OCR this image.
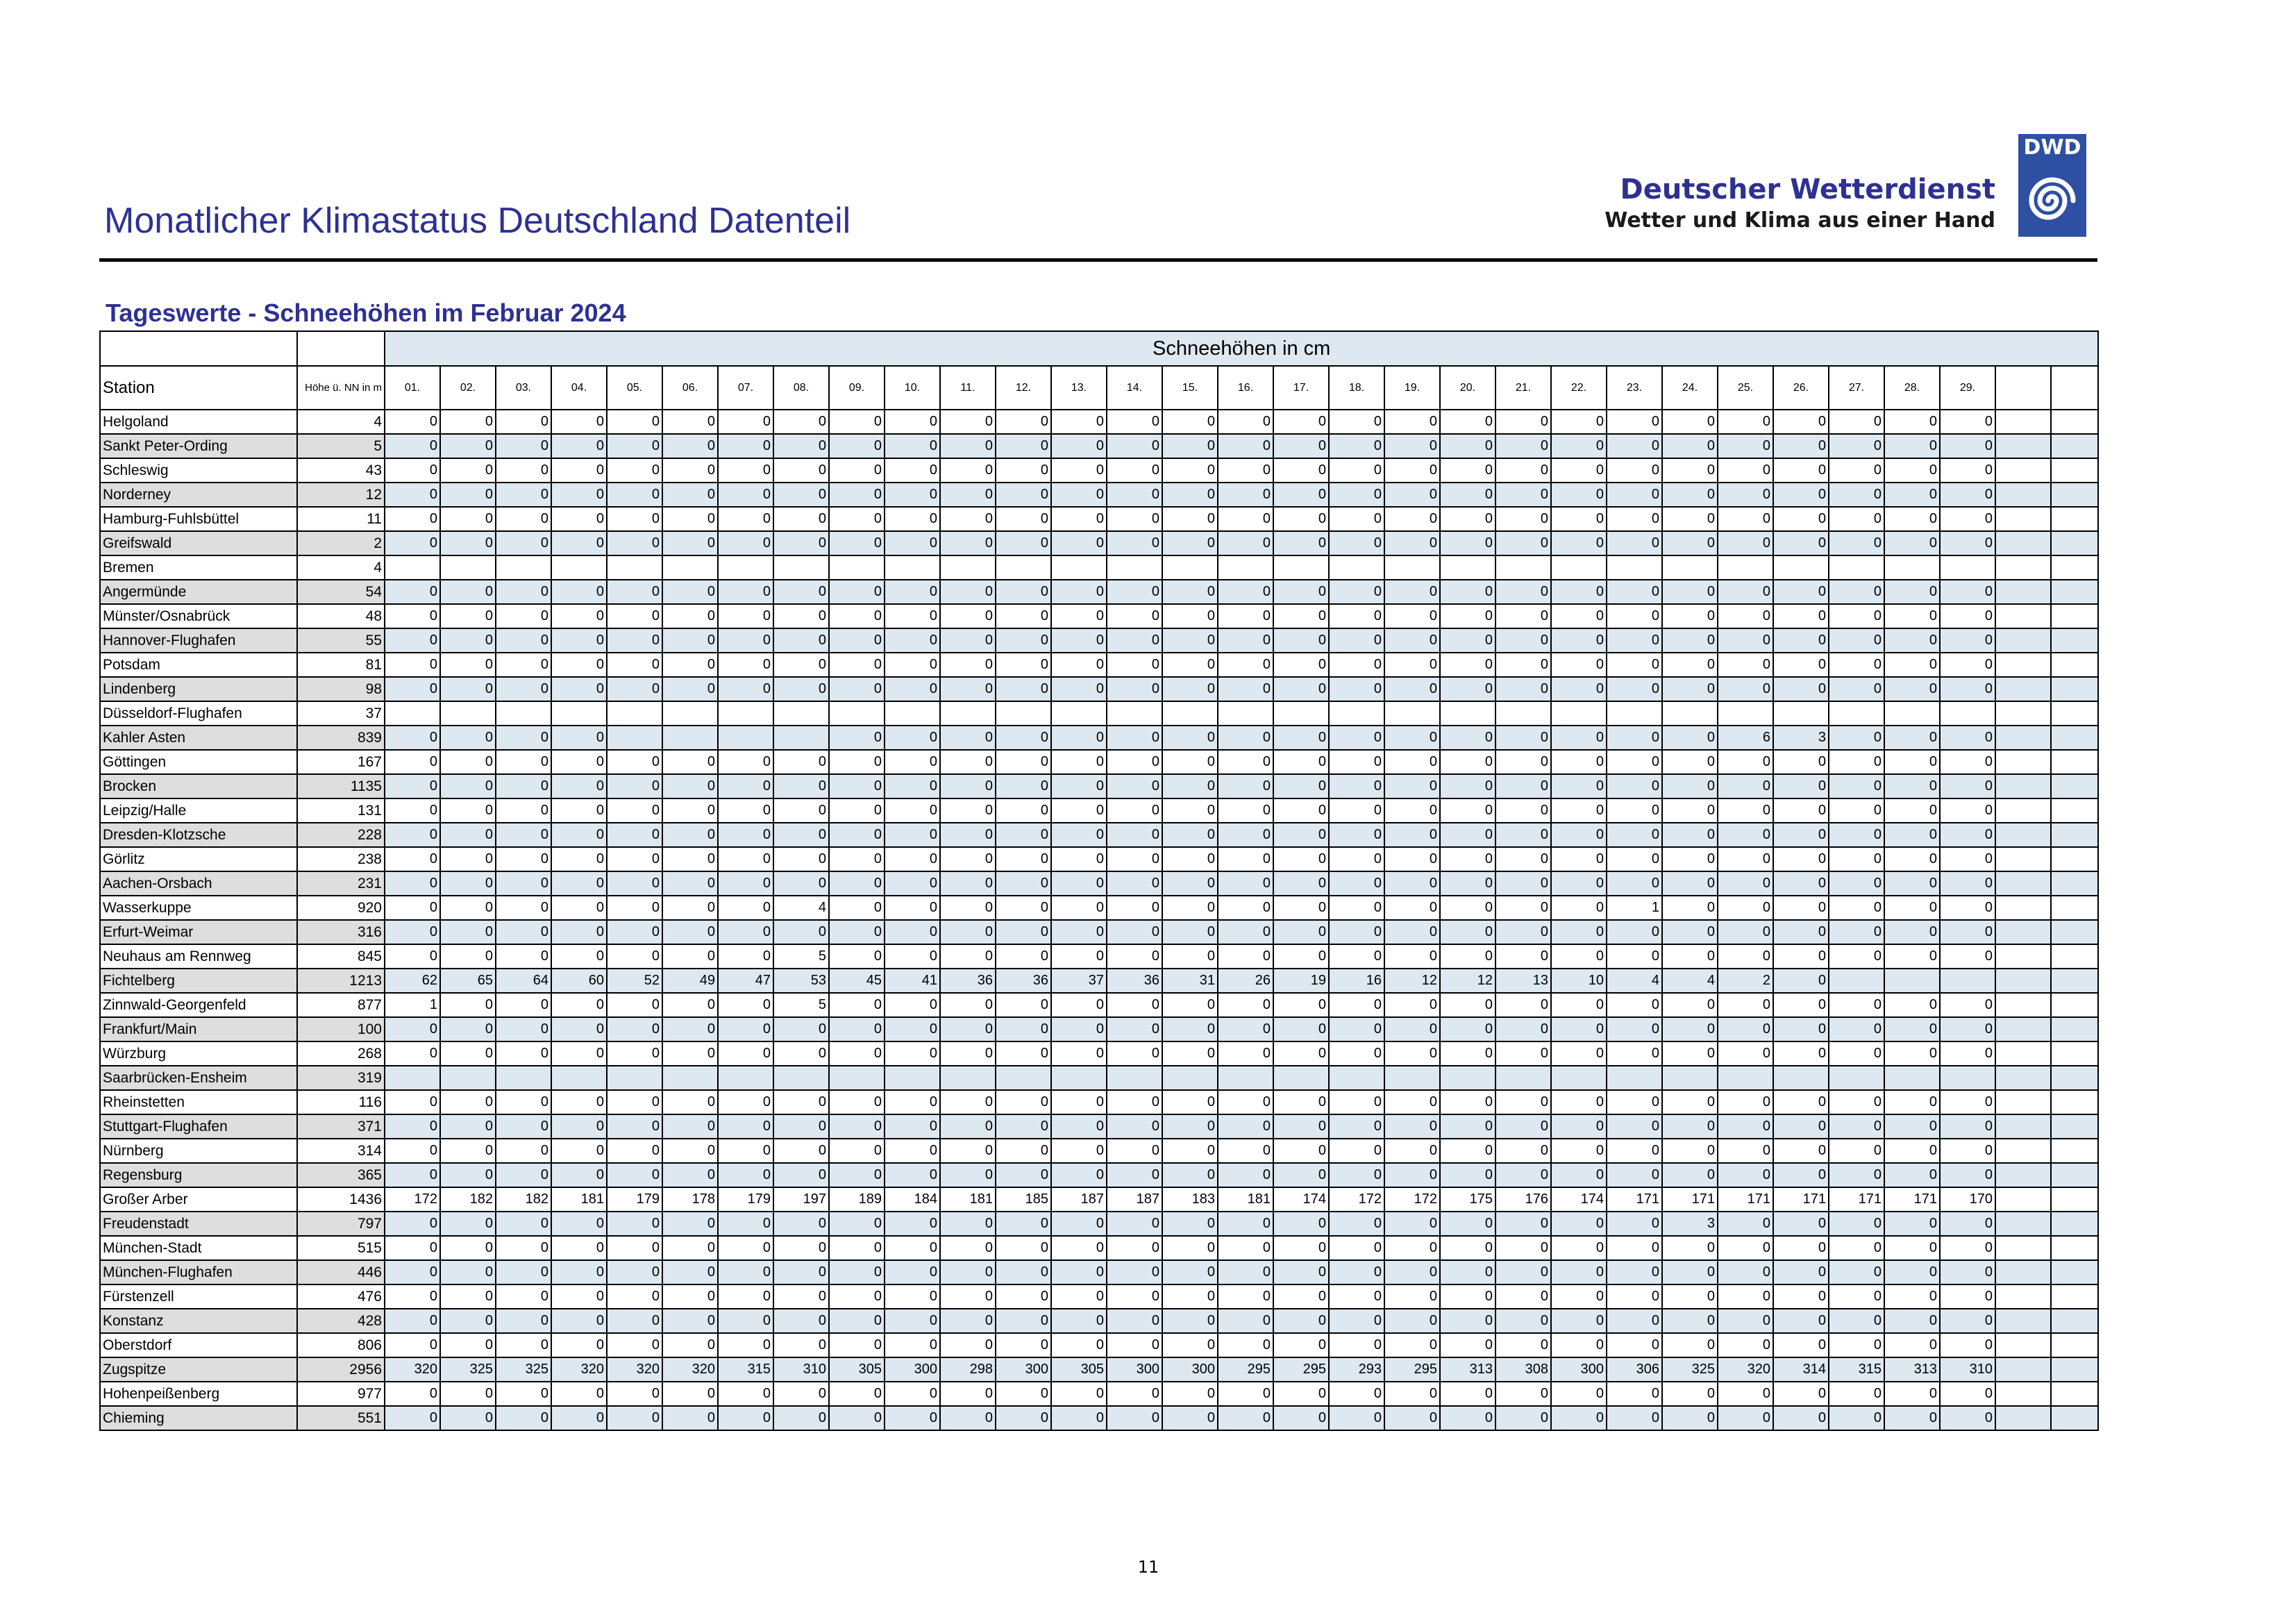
Monatlicher Klimastatus Deutschland Datenteil
Deutscher Wetterdienst
Wetter und Klima aus einer Hand
DWD
Tageswerte - Schneehöhen im Februar 2024
		Schneehöhen in cm																														
Station	Höhe ü. NN in m	01.	02.	03.	04.	05.	06.	07.	08.	09.	10.	11.	12.	13.	14.	15.	16.	17.	18.	19.	20.	21.	22.	23.	24.	25.	26.	27.	28.	29.		
Helgoland	4	0	0	0	0	0	0	0	0	0	0	0	0	0	0	0	0	0	0	0	0	0	0	0	0	0	0	0	0	0		
Sankt Peter-Ording	5	0	0	0	0	0	0	0	0	0	0	0	0	0	0	0	0	0	0	0	0	0	0	0	0	0	0	0	0	0		
Schleswig	43	0	0	0	0	0	0	0	0	0	0	0	0	0	0	0	0	0	0	0	0	0	0	0	0	0	0	0	0	0		
Norderney	12	0	0	0	0	0	0	0	0	0	0	0	0	0	0	0	0	0	0	0	0	0	0	0	0	0	0	0	0	0		
Hamburg-Fuhlsbüttel	11	0	0	0	0	0	0	0	0	0	0	0	0	0	0	0	0	0	0	0	0	0	0	0	0	0	0	0	0	0		
Greifswald	2	0	0	0	0	0	0	0	0	0	0	0	0	0	0	0	0	0	0	0	0	0	0	0	0	0	0	0	0	0		
Bremen	4																															
Angermünde	54	0	0	0	0	0	0	0	0	0	0	0	0	0	0	0	0	0	0	0	0	0	0	0	0	0	0	0	0	0		
Münster/Osnabrück	48	0	0	0	0	0	0	0	0	0	0	0	0	0	0	0	0	0	0	0	0	0	0	0	0	0	0	0	0	0		
Hannover-Flughafen	55	0	0	0	0	0	0	0	0	0	0	0	0	0	0	0	0	0	0	0	0	0	0	0	0	0	0	0	0	0		
Potsdam	81	0	0	0	0	0	0	0	0	0	0	0	0	0	0	0	0	0	0	0	0	0	0	0	0	0	0	0	0	0		
Lindenberg	98	0	0	0	0	0	0	0	0	0	0	0	0	0	0	0	0	0	0	0	0	0	0	0	0	0	0	0	0	0		
Düsseldorf-Flughafen	37																															
Kahler Asten	839	0	0	0	0					0	0	0	0	0	0	0	0	0	0	0	0	0	0	0	0	6	3	0	0	0		
Göttingen	167	0	0	0	0	0	0	0	0	0	0	0	0	0	0	0	0	0	0	0	0	0	0	0	0	0	0	0	0	0		
Brocken	1135	0	0	0	0	0	0	0	0	0	0	0	0	0	0	0	0	0	0	0	0	0	0	0	0	0	0	0	0	0		
Leipzig/Halle	131	0	0	0	0	0	0	0	0	0	0	0	0	0	0	0	0	0	0	0	0	0	0	0	0	0	0	0	0	0		
Dresden-Klotzsche	228	0	0	0	0	0	0	0	0	0	0	0	0	0	0	0	0	0	0	0	0	0	0	0	0	0	0	0	0	0		
Görlitz	238	0	0	0	0	0	0	0	0	0	0	0	0	0	0	0	0	0	0	0	0	0	0	0	0	0	0	0	0	0		
Aachen-Orsbach	231	0	0	0	0	0	0	0	0	0	0	0	0	0	0	0	0	0	0	0	0	0	0	0	0	0	0	0	0	0		
Wasserkuppe	920	0	0	0	0	0	0	0	4	0	0	0	0	0	0	0	0	0	0	0	0	0	0	1	0	0	0	0	0	0		
Erfurt-Weimar	316	0	0	0	0	0	0	0	0	0	0	0	0	0	0	0	0	0	0	0	0	0	0	0	0	0	0	0	0	0		
Neuhaus am Rennweg	845	0	0	0	0	0	0	0	5	0	0	0	0	0	0	0	0	0	0	0	0	0	0	0	0	0	0	0	0	0		
Fichtelberg	1213	62	65	64	60	52	49	47	53	45	41	36	36	37	36	31	26	19	16	12	12	13	10	4	4	2	0					
Zinnwald-Georgenfeld	877	1	0	0	0	0	0	0	5	0	0	0	0	0	0	0	0	0	0	0	0	0	0	0	0	0	0	0	0	0		
Frankfurt/Main	100	0	0	0	0	0	0	0	0	0	0	0	0	0	0	0	0	0	0	0	0	0	0	0	0	0	0	0	0	0		
Würzburg	268	0	0	0	0	0	0	0	0	0	0	0	0	0	0	0	0	0	0	0	0	0	0	0	0	0	0	0	0	0		
Saarbrücken-Ensheim	319																															
Rheinstetten	116	0	0	0	0	0	0	0	0	0	0	0	0	0	0	0	0	0	0	0	0	0	0	0	0	0	0	0	0	0		
Stuttgart-Flughafen	371	0	0	0	0	0	0	0	0	0	0	0	0	0	0	0	0	0	0	0	0	0	0	0	0	0	0	0	0	0		
Nürnberg	314	0	0	0	0	0	0	0	0	0	0	0	0	0	0	0	0	0	0	0	0	0	0	0	0	0	0	0	0	0		
Regensburg	365	0	0	0	0	0	0	0	0	0	0	0	0	0	0	0	0	0	0	0	0	0	0	0	0	0	0	0	0	0		
Großer Arber	1436	172	182	182	181	179	178	179	197	189	184	181	185	187	187	183	181	174	172	172	175	176	174	171	171	171	171	171	171	170		
Freudenstadt	797	0	0	0	0	0	0	0	0	0	0	0	0	0	0	0	0	0	0	0	0	0	0	0	3	0	0	0	0	0		
München-Stadt	515	0	0	0	0	0	0	0	0	0	0	0	0	0	0	0	0	0	0	0	0	0	0	0	0	0	0	0	0	0		
München-Flughafen	446	0	0	0	0	0	0	0	0	0	0	0	0	0	0	0	0	0	0	0	0	0	0	0	0	0	0	0	0	0		
Fürstenzell	476	0	0	0	0	0	0	0	0	0	0	0	0	0	0	0	0	0	0	0	0	0	0	0	0	0	0	0	0	0		
Konstanz	428	0	0	0	0	0	0	0	0	0	0	0	0	0	0	0	0	0	0	0	0	0	0	0	0	0	0	0	0	0		
Oberstdorf	806	0	0	0	0	0	0	0	0	0	0	0	0	0	0	0	0	0	0	0	0	0	0	0	0	0	0	0	0	0		
Zugspitze	2956	320	325	325	320	320	320	315	310	305	300	298	300	305	300	300	295	295	293	295	313	308	300	306	325	320	314	315	313	310		
Hohenpeißenberg	977	0	0	0	0	0	0	0	0	0	0	0	0	0	0	0	0	0	0	0	0	0	0	0	0	0	0	0	0	0		
Chieming	551	0	0	0	0	0	0	0	0	0	0	0	0	0	0	0	0	0	0	0	0	0	0	0	0	0	0	0	0	0		
11
